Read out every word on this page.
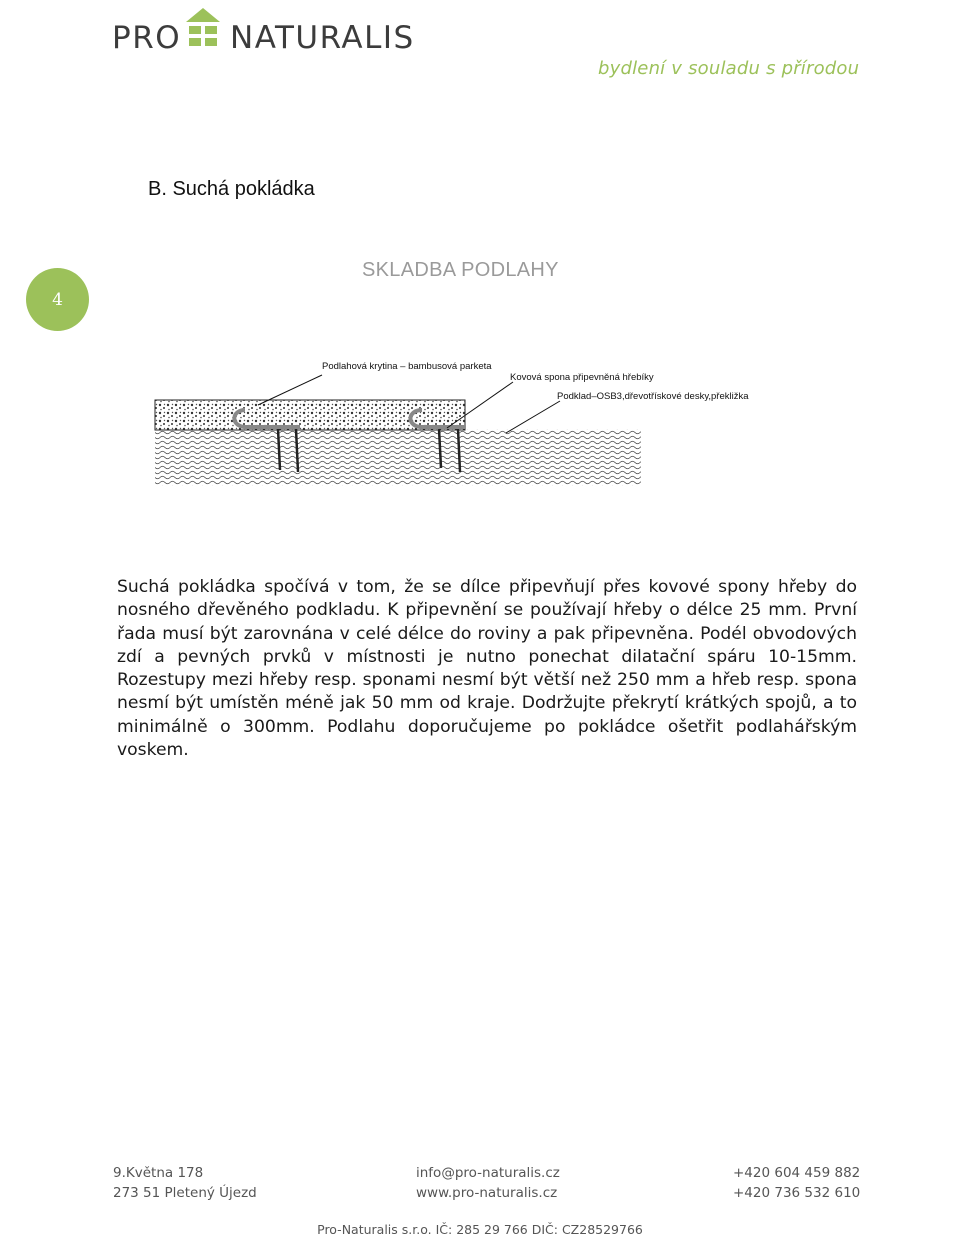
PRO NATURALIS
bydlení v souladu s přírodou
B. Suchá pokládka
4
SKLADBA PODLAHY
Podlahová krytina – bambusová parketa
Kovová spona připevněná hřebíky
Podklad–OSB3,dřevotřískové desky,překližka

Suchá pokládka spočívá v tom, že se dílce připevňují přes kovové spony hřeby do nosného dřevěného podkladu. K připevnění se používají hřeby o délce 25 mm. První řada musí být zarovnána v celé délce do roviny a pak připevněna. Podél obvodových zdí a pevných prvků v místnosti je nutno ponechat dilatační spáru 10-15mm. Rozestupy mezi hřeby resp. sponami nesmí být větší než 250 mm a hřeb resp. spona nesmí být umístěn méně jak 50 mm od kraje. Dodržujte překrytí krátkých spojů, a to minimálně o 300mm. Podlahu doporučujeme po pokládce ošetřit podlahářským voskem.

9.Května 178
273 51 Pletený Újezd
info@pro-naturalis.cz
www.pro-naturalis.cz
+420 604 459 882
+420 736 532 610
Pro-Naturalis s.r.o. IČ: 285 29 766 DIČ: CZ28529766
